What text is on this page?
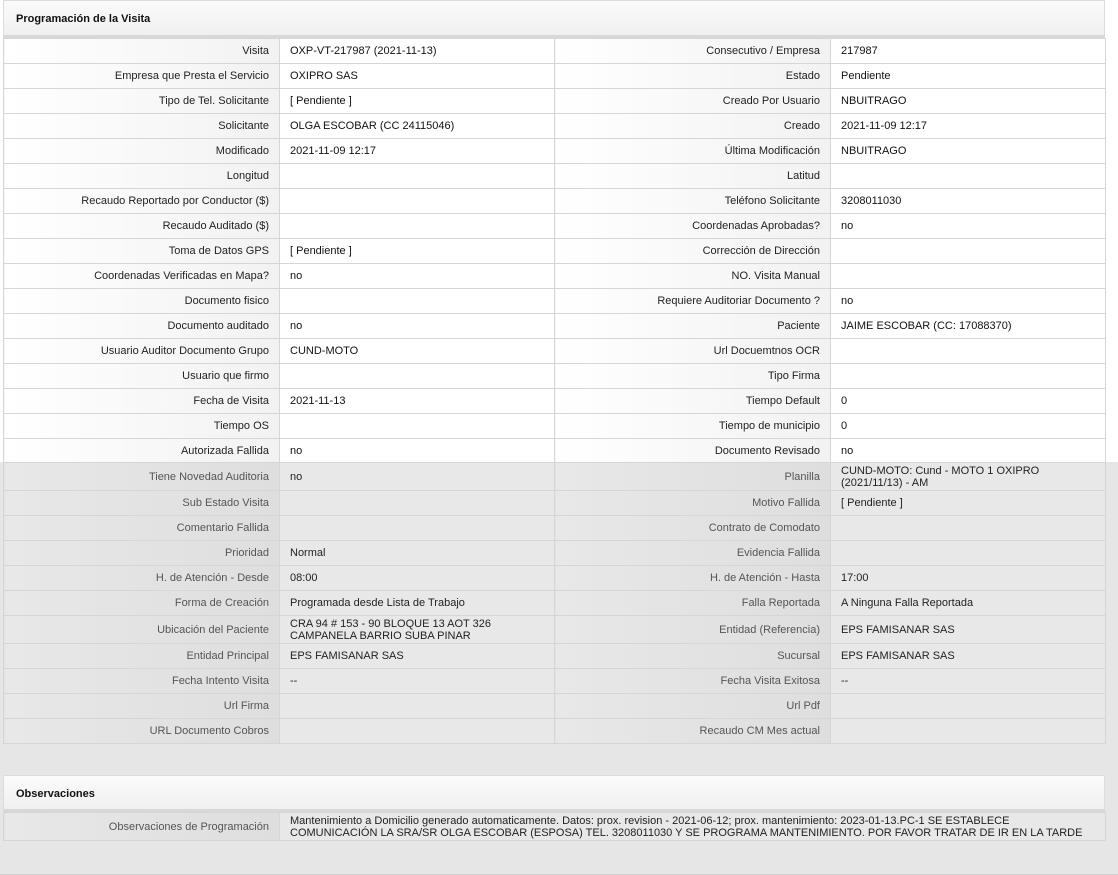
Programación de la Visita
Visita	OXP-VT-217987 (2021-11-13)	Consecutivo / Empresa	217987
Empresa que Presta el Servicio	OXIPRO SAS	Estado	Pendiente
Tipo de Tel. Solicitante	[ Pendiente ]	Creado Por Usuario	NBUITRAGO
Solicitante	OLGA ESCOBAR (CC 24115046)	Creado	2021-11-09 12:17
Modificado	2021-11-09 12:17	Última Modificación	NBUITRAGO
Longitud		Latitud	
Recaudo Reportado por Conductor ($)		Teléfono Solicitante	3208011030
Recaudo Auditado ($)		Coordenadas Aprobadas?	no
Toma de Datos GPS	[ Pendiente ]	Corrección de Dirección	
Coordenadas Verificadas en Mapa?	no	NO. Visita Manual	
Documento fisico		Requiere Auditoriar Documento ?	no
Documento auditado	no	Paciente	JAIME ESCOBAR (CC: 17088370)
Usuario Auditor Documento Grupo	CUND-MOTO	Url Docuemtnos OCR	
Usuario que firmo		Tipo Firma	
Fecha de Visita	2021-11-13	Tiempo Default	0
Tiempo OS		Tiempo de municipio	0
Autorizada Fallida	no	Documento Revisado	no
Tiene Novedad Auditoria	no	Planilla	CUND-MOTO: Cund - MOTO 1 OXIPRO (2021/11/13) - AM
Sub Estado Visita		Motivo Fallida	[ Pendiente ]
Comentario Fallida		Contrato de Comodato	
Prioridad	Normal	Evidencia Fallida	
H. de Atención - Desde	08:00	H. de Atención - Hasta	17:00
Forma de Creación	Programada desde Lista de Trabajo	Falla Reportada	A Ninguna Falla Reportada
Ubicación del Paciente	CRA 94 # 153 - 90 BLOQUE 13 AOT 326 CAMPANELA BARRIO SUBA PINAR	Entidad (Referencia)	EPS FAMISANAR SAS
Entidad Principal	EPS FAMISANAR SAS	Sucursal	EPS FAMISANAR SAS
Fecha Intento Visita	--	Fecha Visita Exitosa	--
Url Firma		Url Pdf	
URL Documento Cobros		Recaudo CM Mes actual	
Observaciones
Observaciones de Programación	Mantenimiento a Domicilio generado automaticamente. Datos: prox. revision - 2021-06-12; prox. mantenimiento: 2023-01-13.PC-1 SE ESTABLECE COMUNICACIÓN LA SRA/SR OLGA ESCOBAR (ESPOSA) TEL. 3208011030 Y SE PROGRAMA MANTENIMIENTO. POR FAVOR TRATAR DE IR EN LA TARDE
